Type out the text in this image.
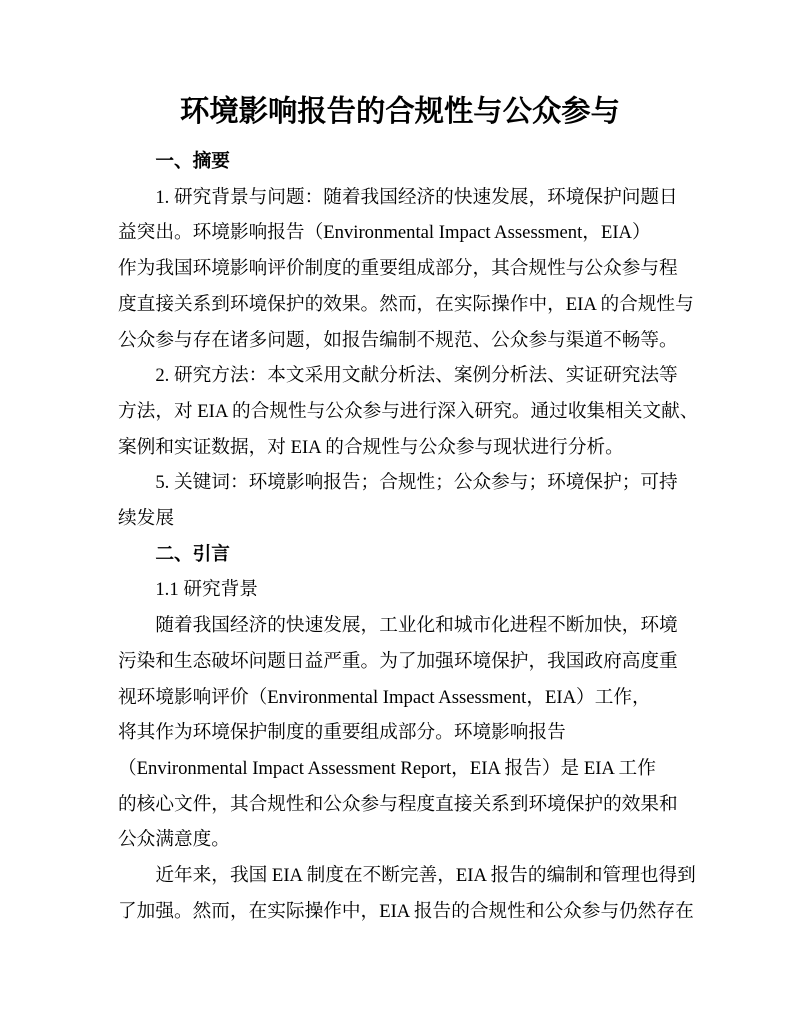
环境影响报告的合规性与公众参与
一、摘要
1. 研究背景与问题：随着我国经济的快速发展，环境保护问题日
益突出。环境影响报告（Environmental Impact Assessment，EIA）
作为我国环境影响评价制度的重要组成部分，其合规性与公众参与程
度直接关系到环境保护的效果。然而，在实际操作中，EIA 的合规性与
公众参与存在诸多问题，如报告编制不规范、公众参与渠道不畅等。
2. 研究方法：本文采用文献分析法、案例分析法、实证研究法等
方法，对 EIA 的合规性与公众参与进行深入研究。通过收集相关文献、
案例和实证数据，对 EIA 的合规性与公众参与现状进行分析。
5. 关键词：环境影响报告；合规性；公众参与；环境保护；可持
续发展
二、引言
1.1 研究背景
随着我国经济的快速发展，工业化和城市化进程不断加快，环境
污染和生态破坏问题日益严重。为了加强环境保护，我国政府高度重
视环境影响评价（Environmental Impact Assessment，EIA）工作，
将其作为环境保护制度的重要组成部分。环境影响报告
（Environmental Impact Assessment Report，EIA 报告）是 EIA 工作
的核心文件，其合规性和公众参与程度直接关系到环境保护的效果和
公众满意度。
近年来，我国 EIA 制度在不断完善，EIA 报告的编制和管理也得到
了加强。然而，在实际操作中，EIA 报告的合规性和公众参与仍然存在
